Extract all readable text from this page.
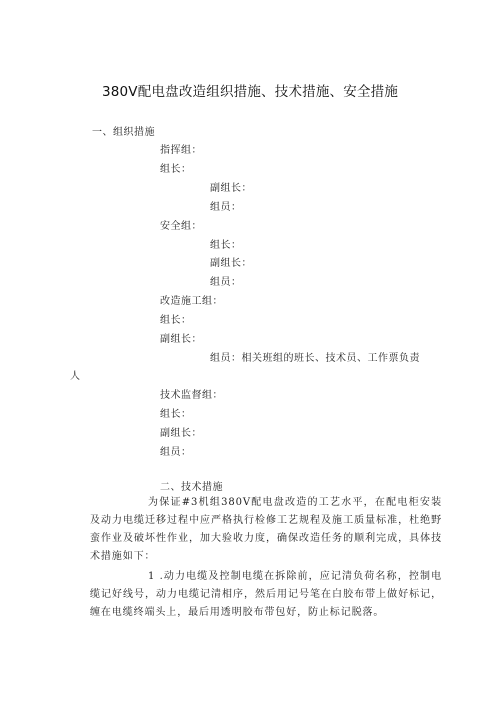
380V配电盘改造组织措施、技术措施、安全措施
一、组织措施
指挥组：
组长：
副组长：
组员：
安全组：
组长：
副组长：
组员：
改造施工组：
组长：
副组长：
组员：相关班组的班长、技术员、工作票负责
人
技术监督组：
组长：
副组长：
组员：
二、技术措施
为保证#3机组380V配电盘改造的工艺水平，在配电柜安装及动力电缆迁移过程中应严格执行检修工艺规程及施工质量标准，杜绝野蛮作业及破坏性作业，加大验收力度，确保改造任务的顺利完成，具体技术措施如下：
1 .动力电缆及控制电缆在拆除前，应记清负荷名称，控制电缆记好线号，动力电缆记清相序，然后用记号笔在白胶布带上做好标记，缠在电缆终端头上，最后用透明胶布带包好，防止标记脱落。
